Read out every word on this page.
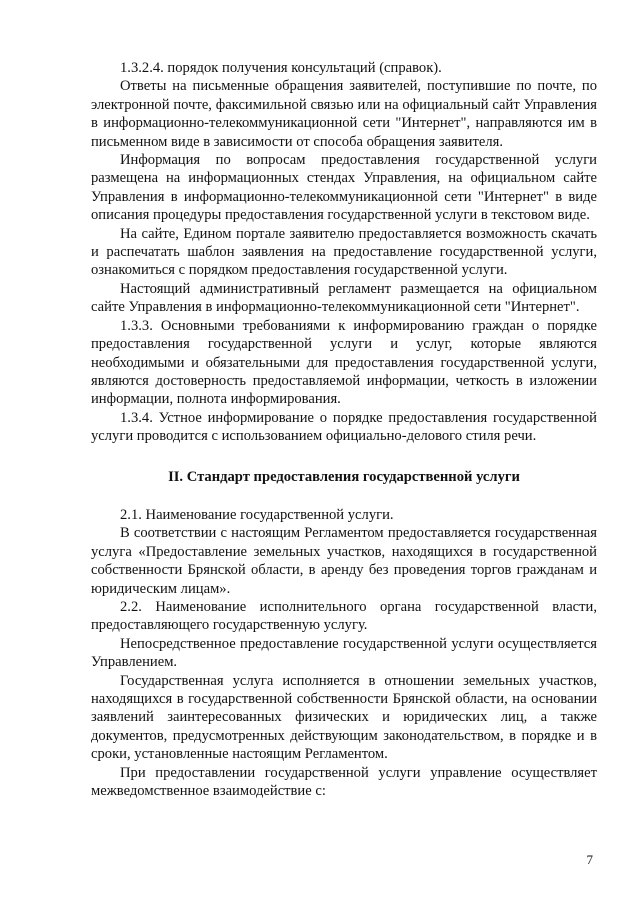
1.3.2.4. порядок получения консультаций (справок).

Ответы на письменные обращения заявителей, поступившие по почте, по электронной почте, факсимильной связью или на официальный сайт Управления в информационно-телекоммуникационной сети "Интернет", направляются им в письменном виде в зависимости от способа обращения заявителя.

Информация по вопросам предоставления государственной услуги размещена на информационных стендах Управления, на официальном сайте Управления в информационно-телекоммуникационной сети "Интернет" в виде описания процедуры предоставления государственной услуги в текстовом виде.

На сайте, Едином портале заявителю предоставляется возможность скачать и распечатать шаблон заявления на предоставление государственной услуги, ознакомиться с порядком предоставления государственной услуги.

Настоящий административный регламент размещается на официальном сайте Управления в информационно-телекоммуникационной сети "Интернет".

1.3.3. Основными требованиями к информированию граждан о порядке предоставления государственной услуги и услуг, которые являются необходимыми и обязательными для предоставления государственной услуги, являются достоверность предоставляемой информации, четкость в изложении информации, полнота информирования.

1.3.4. Устное информирование о порядке предоставления государственной услуги проводится с использованием официально-делового стиля речи.

II. Стандарт предоставления государственной услуги

2.1. Наименование государственной услуги.

В соответствии с настоящим Регламентом предоставляется государственная услуга «Предоставление земельных участков, находящихся в государственной собственности Брянской области, в аренду без проведения торгов гражданам и юридическим лицам».

2.2. Наименование исполнительного органа государственной власти, предоставляющего государственную услугу.

Непосредственное предоставление государственной услуги осуществляется Управлением.

Государственная услуга исполняется в отношении земельных участков, находящихся в государственной собственности Брянской области, на основании заявлений заинтересованных физических и юридических лиц, а также документов, предусмотренных действующим законодательством, в порядке и в сроки, установленные настоящим Регламентом.

При предоставлении государственной услуги управление осуществляет межведомственное взаимодействие с:

7
